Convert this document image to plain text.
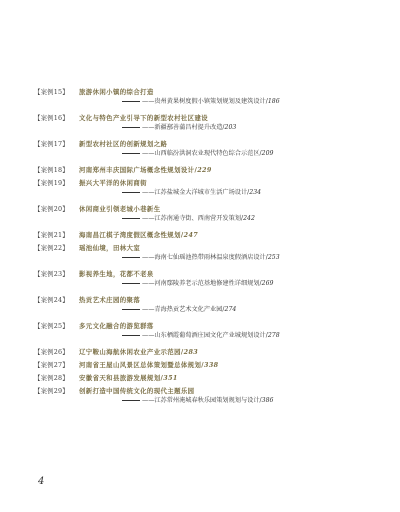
【案例15】	旅游休闲小镇的综合打造
——贵州黄果树度假小镇策划规划及建筑设计/ 186
【案例16】	文化与特色产业引导下的新型农村社区建设
——新疆鄯善蒲昌村提升改造/ 203
【案例17】	新型农村社区的创新规划之路
——山西临汾洪洞农业现代特色综合示范区/ 209
【案例18】	河南郑州丰庆国际广场概念性规划设计/ 229
【案例19】	振兴大平洋的休闲商街
——江苏盐城金大洋城市生活广场设计/ 234
【案例20】	休闲商业引领老城小巷新生
——江苏南通寺街、西南营开发策划/ 242
【案例21】	海南昌江棋子湾度假区概念性规划/ 247
【案例22】	瑶池仙境，田林大室
——海南七仙瑶池热带雨林温泉度假酒店设计/ 253
【案例23】	影视养生地，花都不老泉
——河南鄢陵养老示范基地修建性详细规划/ 269
【案例24】	热贡艺术庄园的聚落
——青海热贡艺术文化产业园/ 274
【案例25】	多元文化融合的游览群落
——山东栖霞葡萄酒庄园文化产业城规划设计/ 278
【案例26】	辽宁鞍山海航休闲农业产业示范园/ 283
【案例27】	河南省王屋山风景区总体策划暨总体规划/ 338
【案例28】	安徽省天和县旅游发展规划/ 351
【案例29】	创新打造中国传统文化的现代主题乐园
——江苏常州淹城春秋乐园策划规划与设计/ 386
4
